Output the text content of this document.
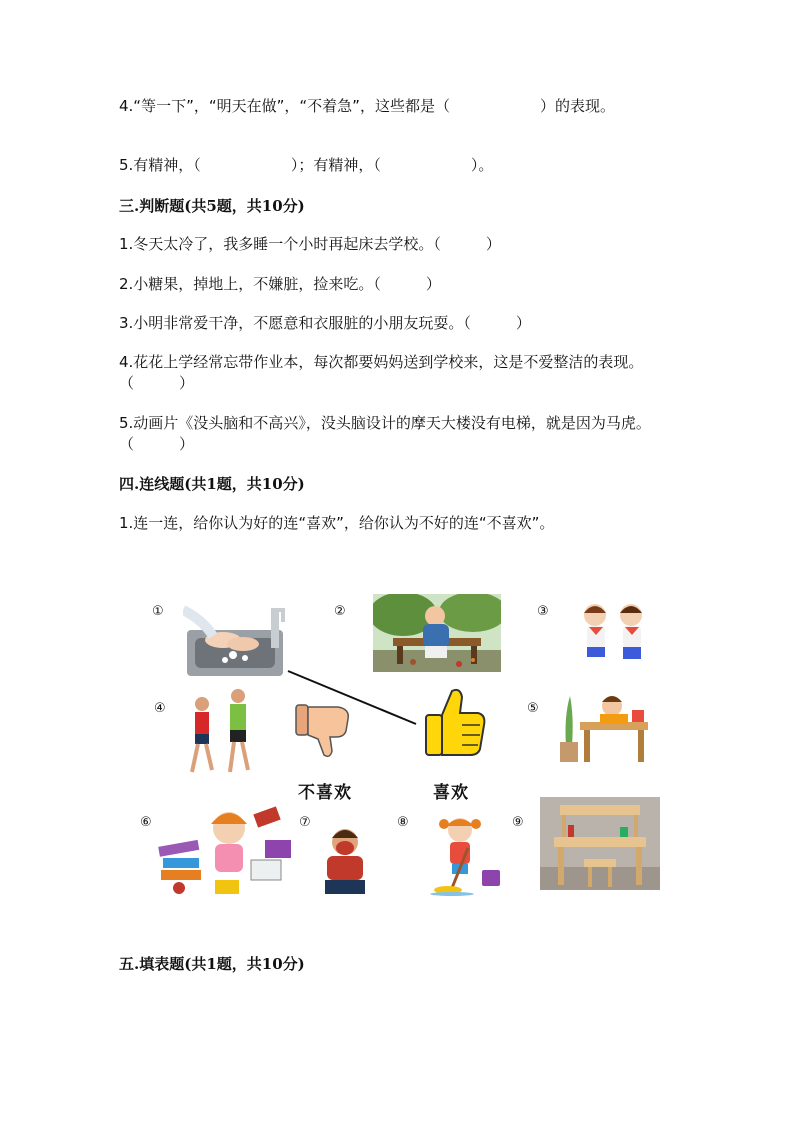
4.“等一下”，“明天在做”，“不着急”，这些都是（　　　　　　）的表现。

5.有精神，（　　　　　　）；有精神，（　　　　　　）。

三.判断题(共5题，共10分)

1.冬天太冷了，我多睡一个小时再起床去学校。（　　　）

2.小糖果，掉地上，不嫌脏，捡来吃。（　　　）

3.小明非常爱干净，不愿意和衣服脏的小朋友玩耍。（　　　）

4.花花上学经常忘带作业本，每次都要妈妈送到学校来，这是不爱整洁的表现。（　　　）

5.动画片《没头脑和不高兴》，没头脑设计的摩天大楼没有电梯，就是因为马虎。（　　　）

四.连线题(共1题，共10分)

1.连一连，给你认为好的连“喜欢”，给你认为不好的连“不喜欢”。

①	②	③
④	⑤
⑥	⑦	⑧	⑨
不喜欢	喜欢

五.填表题(共1题，共10分)
